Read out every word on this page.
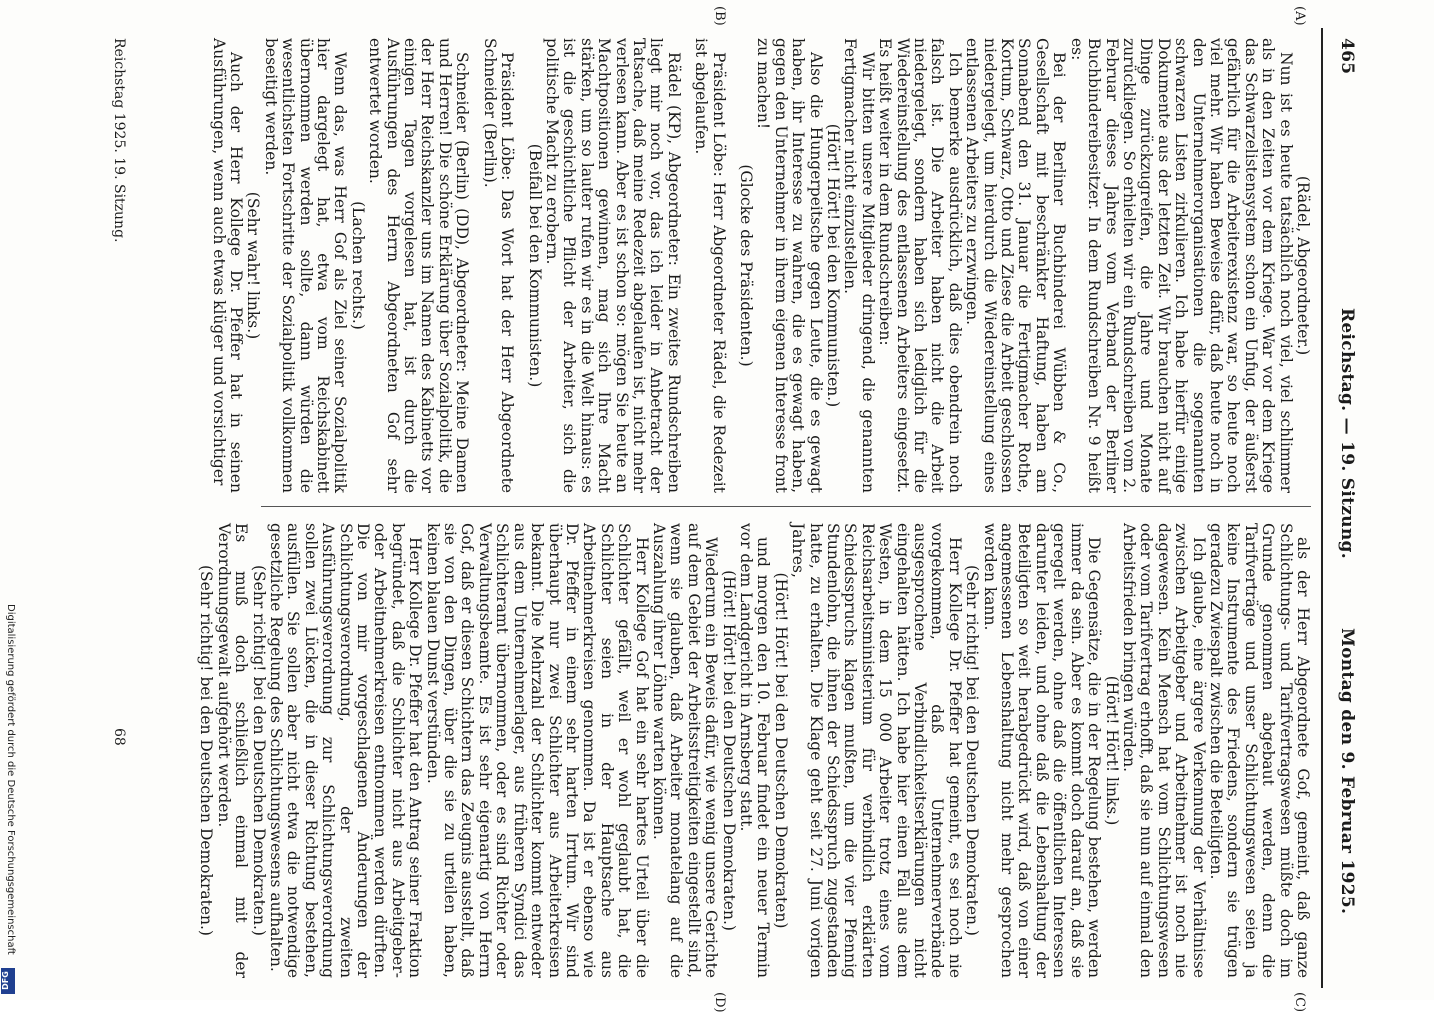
465
Reichstag. — 19. Sitzung.
Montag den 9. Februar 1925.
(A)
(B)
(C)
(D)

(Rädel, Abgeordneter.)

Nun ist es heute tatsächlich noch viel, viel schlimmer als in den Zeiten vor dem Kriege. War vor dem Kriege das Schwarzelistensystem schon ein Unfug, der äußerst gefährlich für die Arbeiterexistenz war, so heute noch viel mehr. Wir haben Beweise dafür, daß heute noch in den Unternehmerorganisationen die sogenannten schwarzen Listen zirkulieren. Ich habe hierfür einige Dokumente aus der letzten Zeit. Wir brauchen nicht auf Dinge zurückzugreifen, die Jahre und Monate zurückliegen. So erhielten wir ein Rundschreiben vom 2. Februar dieses Jahres vom Verband der Berliner Buchbindereibesitzer. In dem Rundschreiben Nr. 9 heißt es:

Bei der Berliner Buchbinderei Wübben & Co., Gesellschaft mit beschränkter Haftung, haben am Sonnabend den 31. Januar die Fertigmacher Rothe, Kortum, Schwarz, Otto und Ziese die Arbeit geschlossen niedergelegt, um hierdurch die Wiedereinstellung eines entlassenen Arbeiters zu erzwingen.

Ich bemerke ausdrücklich, daß dies obendrein noch falsch ist. Die Arbeiter haben nicht die Arbeit niedergelegt, sondern haben sich lediglich für die Wiedereinstellung des entlassenen Arbeiters eingesetzt. Es heißt weiter in dem Rundschreiben:

Wir bitten unsere Mitglieder dringend, die genannten Fertigmacher nicht einzustellen.

(Hört! Hört! bei den Kommunisten.)

Also die Hungerpeitsche gegen Leute, die es gewagt haben, ihr Interesse zu wahren, die es gewagt haben, gegen den Unternehmer in ihrem eigenen Interesse front zu machen!

(Glocke des Präsidenten.)

Präsident Löbe: Herr Abgeordneter Rädel, die Redezeit ist abgelaufen.

Rädel (KP), Abgeordneter: Ein zweites Rundschreiben liegt mir noch vor, das ich leider in Anbetracht der Tatsache, daß meine Redezeit abgelaufen ist, nicht mehr verlesen kann. Aber es ist schon so: mögen Sie heute an Machtpositionen gewinnen, mag sich Ihre Macht stärken, um so lauter rufen wir es in die Welt hinaus: es ist die geschichtliche Pflicht der Arbeiter, sich die politische Macht zu erobern.

(Beifall bei den Kommunisten.)

Präsident Löbe: Das Wort hat der Herr Abgeordnete Schneider (Berlin).

Schneider (Berlin) (DD), Abgeordneter: Meine Damen und Herren! Die schöne Erklärung über Sozialpolitik, die der Herr Reichskanzler uns im Namen des Kabinetts vor einigen Tagen vorgelesen hat, ist durch die Ausführungen des Herrn Abgeordneten Gof sehr entwertet worden.

(Lachen rechts.)

Wenn das, was Herr Gof als Ziel seiner Sozialpolitik hier dargelegt hat, etwa vom Reichskabinett übernommen werden sollte, dann würden die wesentlichsten Fortschritte der Sozialpolitik vollkommen beseitigt werden.

(Sehr wahr! links.)

Auch der Herr Kollege Dr. Pfeffer hat in seinen Ausführungen, wenn auch etwas klüger und vorsichtiger

als der Herr Abgeordnete Gof, gemeint, daß ganze Schlichtungs- und Tarifvertragswesen müßte doch im Grunde genommen abgebaut werden, denn die Tarifverträge und unser Schlichtungswesen seien ja keine Instrumente des Friedens, sondern sie trügen geradezu Zwiespalt zwischen die Beteiligten.

Ich glaube, eine ärgere Verkennung der Verhältnisse zwischen Arbeitgeber und Arbeitnehmer ist noch nie dagewesen. Kein Mensch hat vom Schlichtungswesen oder vom Tarifvertrag erhofft, daß sie nun auf einmal den Arbeitsfrieden bringen würden.

(Hört! Hört! links.)

Die Gegensätze, die in der Regelung bestehen, werden immer da sein. Aber es kommt doch darauf an, daß sie geregelt werden, ohne daß die öffentlichen Interessen darunter leiden, und ohne daß die Lebenshaltung der Beteiligten so weit herabgedrückt wird, daß von einer angemessenen Lebenshaltung nicht mehr gesprochen werden kann.

(Sehr richtig! bei den Deutschen Demokraten.)

Herr Kollege Dr. Pfeffer hat gemeint, es sei noch nie vorgekommen, daß Unternehmerverbände ausgesprochene Verbindlichkeitserklärungen nicht eingehalten hätten. Ich habe hier einen Fall aus dem Westen, in dem 15 000 Arbeiter trotz eines vom Reichsarbeitsministerium für verbindlich erklärten Schiedsspruchs klagen mußten, um die vier Pfennig Stundenlohn, die ihnen der Schiedsspruch zugestanden hatte, zu erhalten. Die Klage geht seit 27. Juni vorigen Jahres,

(Hört! Hört! bei den Deutschen Demokraten)

und morgen den 10. Februar findet ein neuer Termin vor dem Landgericht in Arnsberg statt.

(Hört! Hört! bei den Deutschen Demokraten.)

Wiederum ein Beweis dafür, wie wenig unsere Gerichte auf dem Gebiet der Arbeitsstreitigkeiten eingestellt sind, wenn sie glauben, daß Arbeiter monatelang auf die Auszahlung ihrer Löhne warten können.

Herr Kollege Gof hat ein sehr hartes Urteil über die Schlichter gefällt, weil er wohl geglaubt hat, die Schlichter seien in der Hauptsache aus Arbeitnehmerkreisen genommen. Da ist er ebenso wie Dr. Pfeffer in einem sehr harten Irrtum. Wir sind überhaupt nur zwei Schlichter aus Arbeiterkreisen bekannt. Die Mehrzahl der Schlichter kommt entweder aus dem Unternehmerlager, aus früheren Syndici das Schlichteramt übernommen, oder es sind Richter oder Verwaltungsbeamte. Es ist sehr eigenartig von Herrn Gof, daß er diesen Schichtern das Zeugnis ausstellt, daß sie von den Dingen, über die sie zu urteilen haben, keinen blauen Dunst verstünden.

Herr Kollege Dr. Pfeffer hat den Antrag seiner Fraktion begründet, daß die Schlichter nicht aus Arbeitgeber- oder Arbeitnehmerkreisen entnommen werden dürften. Die von mir vorgeschlagenen Änderungen der Schlichtungsverordnung, der zweiten Ausführungsverordnung zur Schlichtungsverordnung sollen zwei Lücken, die in dieser Richtung bestehen, ausfüllen. Sie sollen aber nicht etwa die notwendige gesetzliche Regelung des Schlichtungswesens aufhalten.

(Sehr richtig! bei den Deutschen Demokraten.)

Es muß doch schließlich einmal mit der Verordnungsgewalt aufgehört werden.

(Sehr richtig! bei den Deutschen Demokraten.)

Reichstag 1925. 19. Sitzung.
68
Digitalisierung gefördert durch die Deutsche Forschungsgemeinschaft
DFG
